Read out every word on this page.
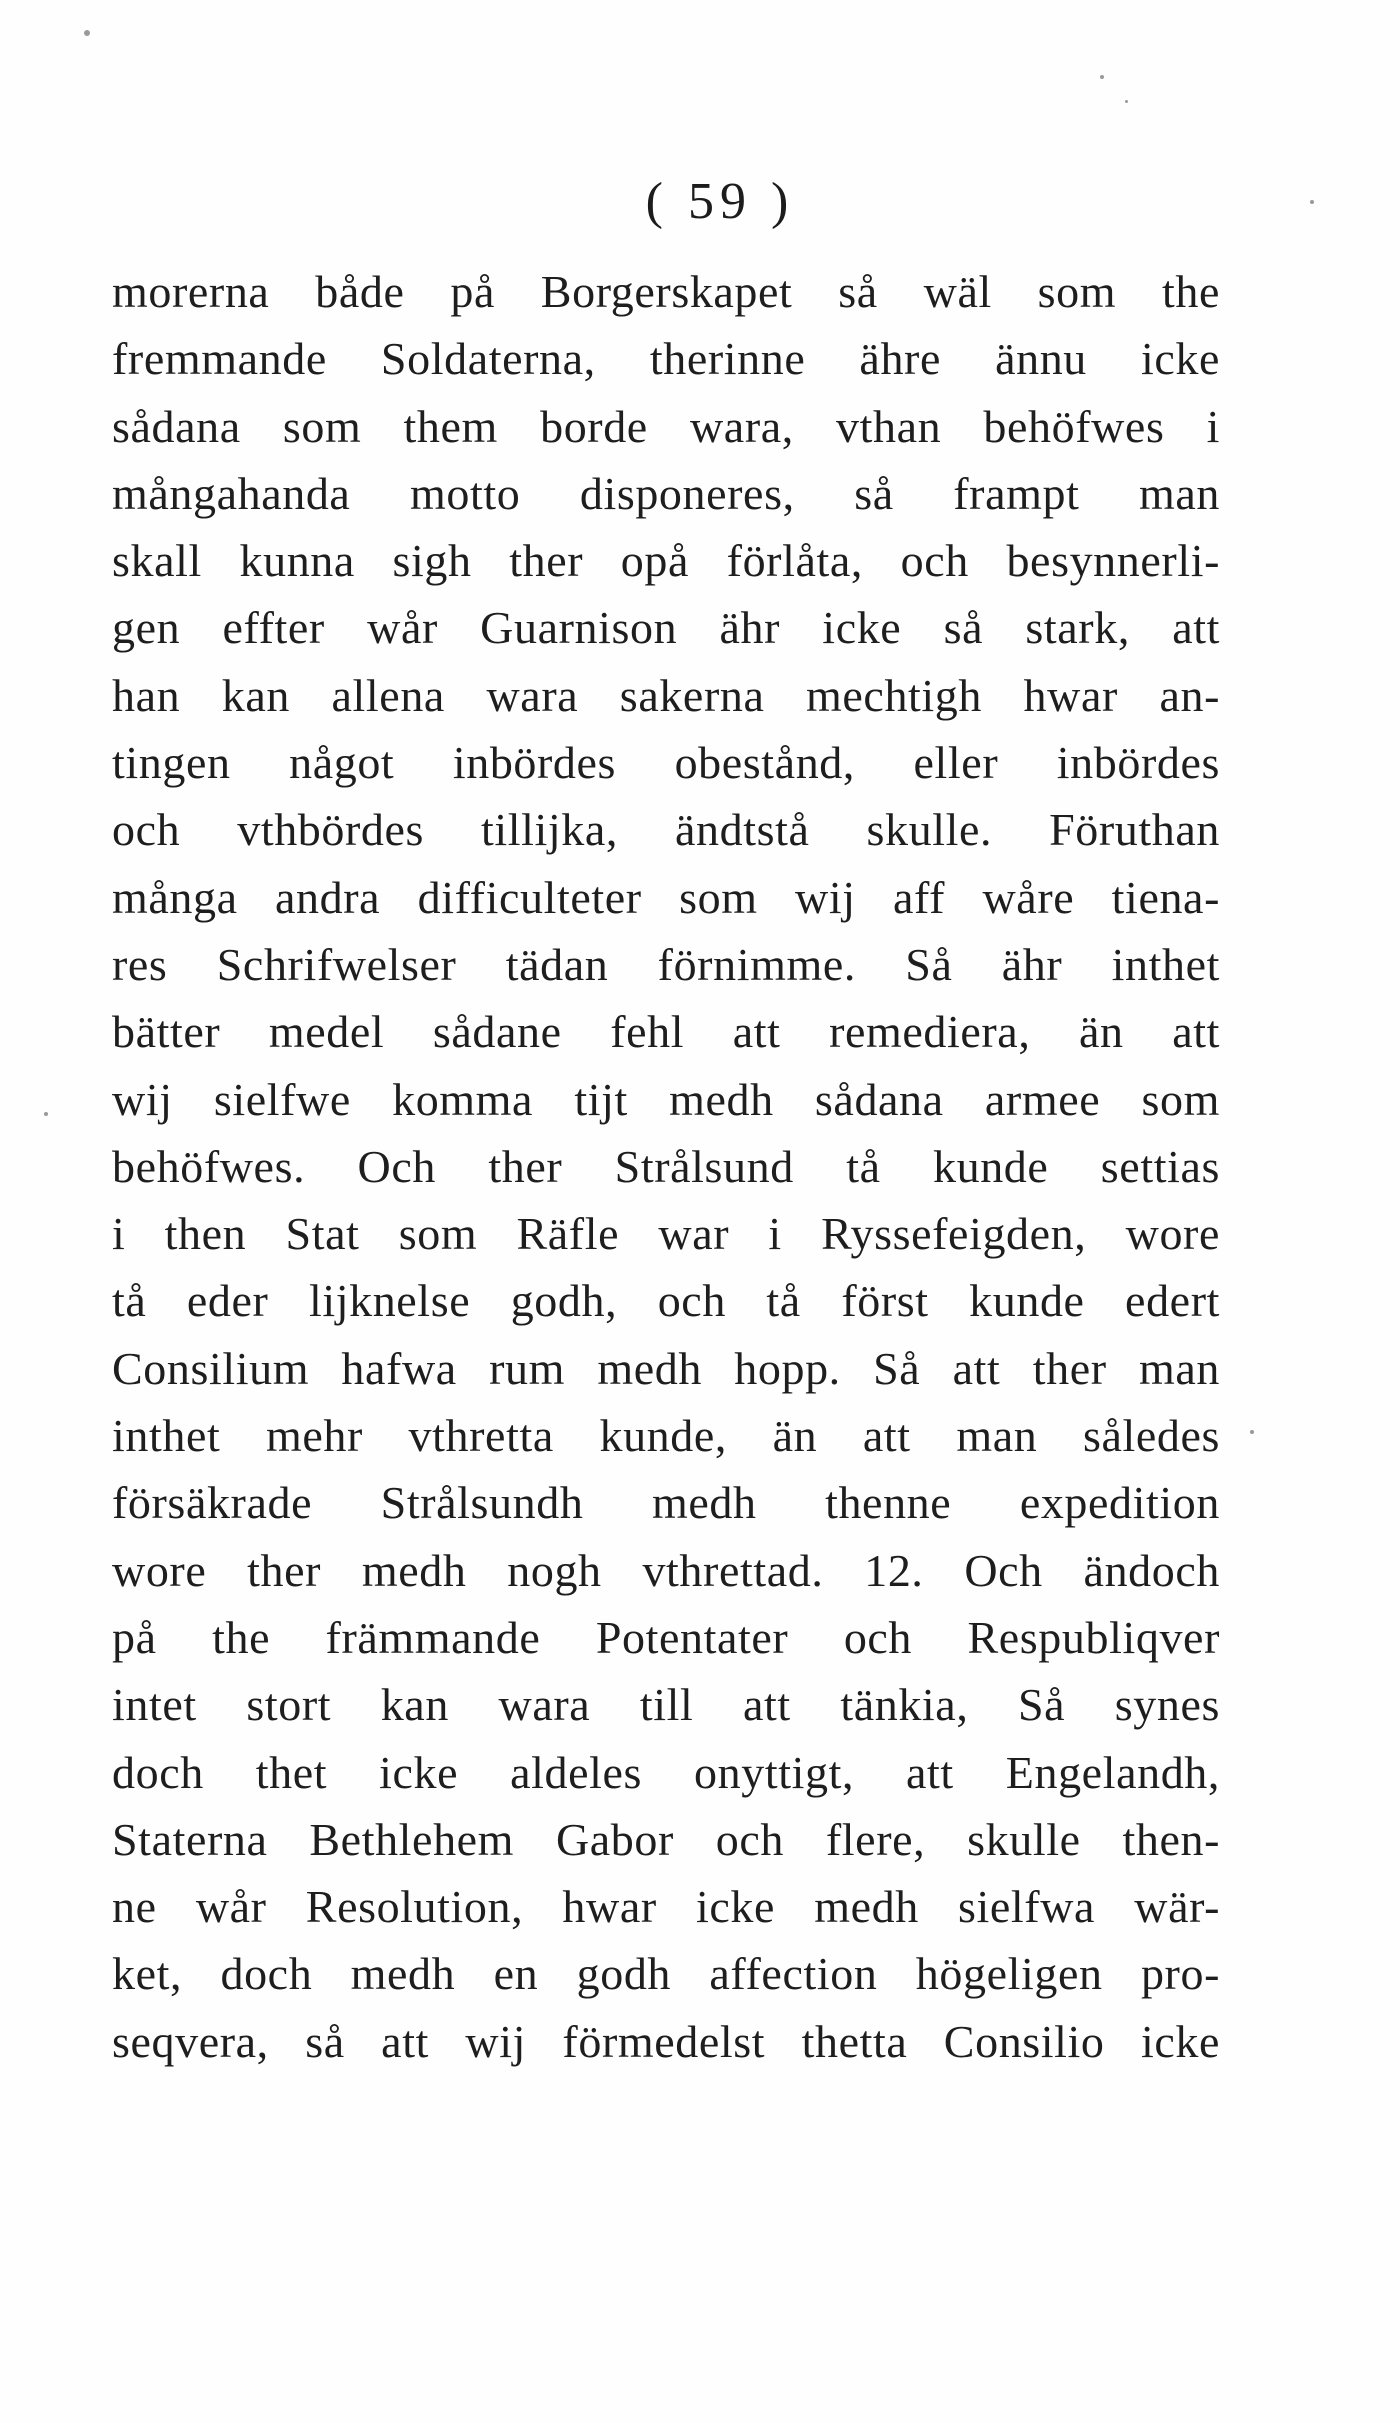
( 59 )
morerna både på Borgerskapet så wäl som the
fremmande Soldaterna, therinne ähre ännu icke
sådana som them borde wara, vthan behöfwes i
mångahanda motto disponeres, så frampt man
skall kunna sigh ther opå förlåta, och besynnerli-
gen effter wår Guarnison ähr icke så stark, att
han kan allena wara sakerna mechtigh hwar an-
tingen något inbördes obestånd, eller inbördes
och vthbördes tillijka, ändtstå skulle. Föruthan
många andra difficulteter som wij aff wåre tiena-
res Schrifwelser tädan förnimme. Så ähr inthet
bätter medel sådane fehl att remediera, än att
wij sielfwe komma tijt medh sådana armee som
behöfwes. Och ther Strålsund tå kunde settias
i then Stat som Räfle war i Ryssefeigden, wore
tå eder lijknelse godh, och tå först kunde edert
Consilium hafwa rum medh hopp. Så att ther man
inthet mehr vthretta kunde, än att man således
försäkrade Strålsundh medh thenne expedition
wore ther medh nogh vthrettad. 12. Och ändoch
på the främmande Potentater och Respubliqver
intet stort kan wara till att tänkia, Så synes
doch thet icke aldeles onyttigt, att Engelandh,
Staterna Bethlehem Gabor och flere, skulle then-
ne wår Resolution, hwar icke medh sielfwa wär-
ket, doch medh en godh affection högeligen pro-
seqvera, så att wij förmedelst thetta Consilio icke
